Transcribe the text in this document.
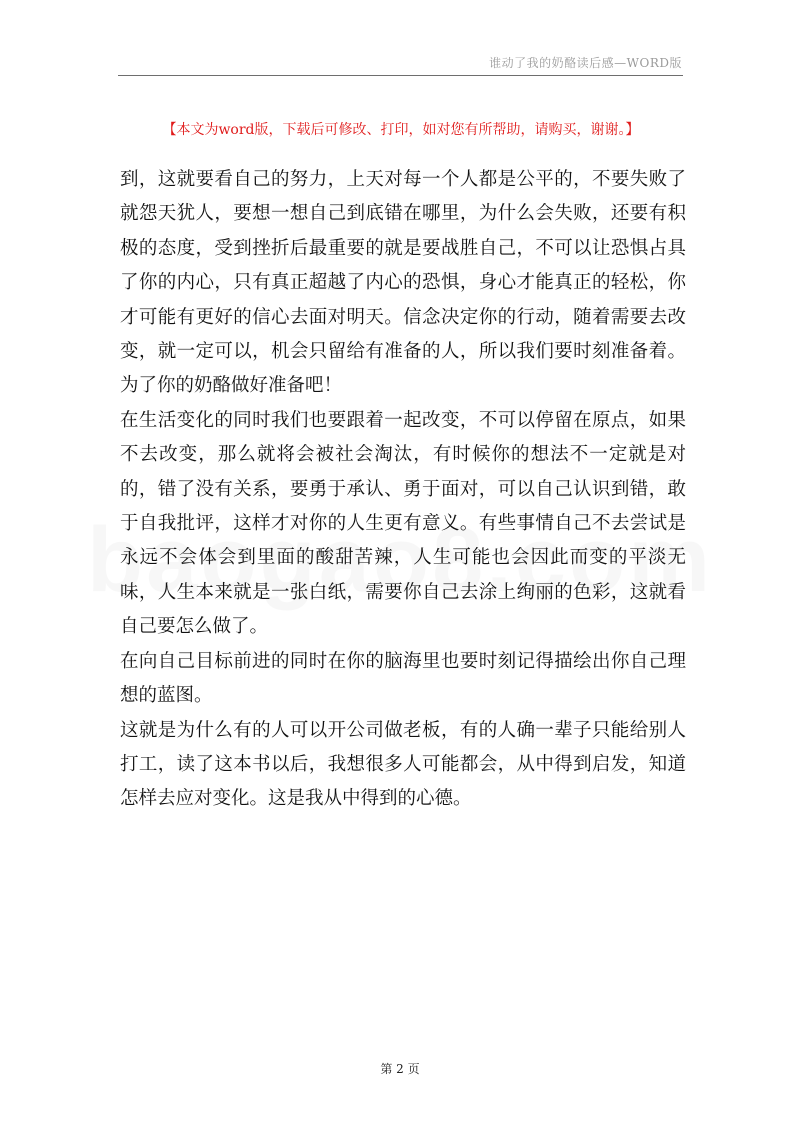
谁动了我的奶酪读后感—WORD版
【本文为word版，下载后可修改、打印，如对您有所帮助，请购买，谢谢。】

到，这就要看自己的努力，上天对每一个人都是公平的，不要失败了就怨天犹人，要想一想自己到底错在哪里，为什么会失败，还要有积极的态度，受到挫折后最重要的就是要战胜自己，不可以让恐惧占具了你的内心，只有真正超越了内心的恐惧，身心才能真正的轻松，你才可能有更好的信心去面对明天。信念决定你的行动，随着需要去改变，就一定可以，机会只留给有准备的人，所以我们要时刻准备着。为了你的奶酪做好准备吧！

在生活变化的同时我们也要跟着一起改变，不可以停留在原点，如果不去改变，那么就将会被社会淘汰，有时候你的想法不一定就是对的，错了没有关系，要勇于承认、勇于面对，可以自己认识到错，敢于自我批评，这样才对你的人生更有意义。有些事情自己不去尝试是永远不会体会到里面的酸甜苦辣，人生可能也会因此而变的平淡无味，人生本来就是一张白纸，需要你自己去涂上绚丽的色彩，这就看自己要怎么做了。

在向自己目标前进的同时在你的脑海里也要时刻记得描绘出你自己理想的蓝图。

这就是为什么有的人可以开公司做老板，有的人确一辈子只能给别人打工，读了这本书以后，我想很多人可能都会，从中得到启发，知道怎样去应对变化。这是我从中得到的心德。

第 2 页
